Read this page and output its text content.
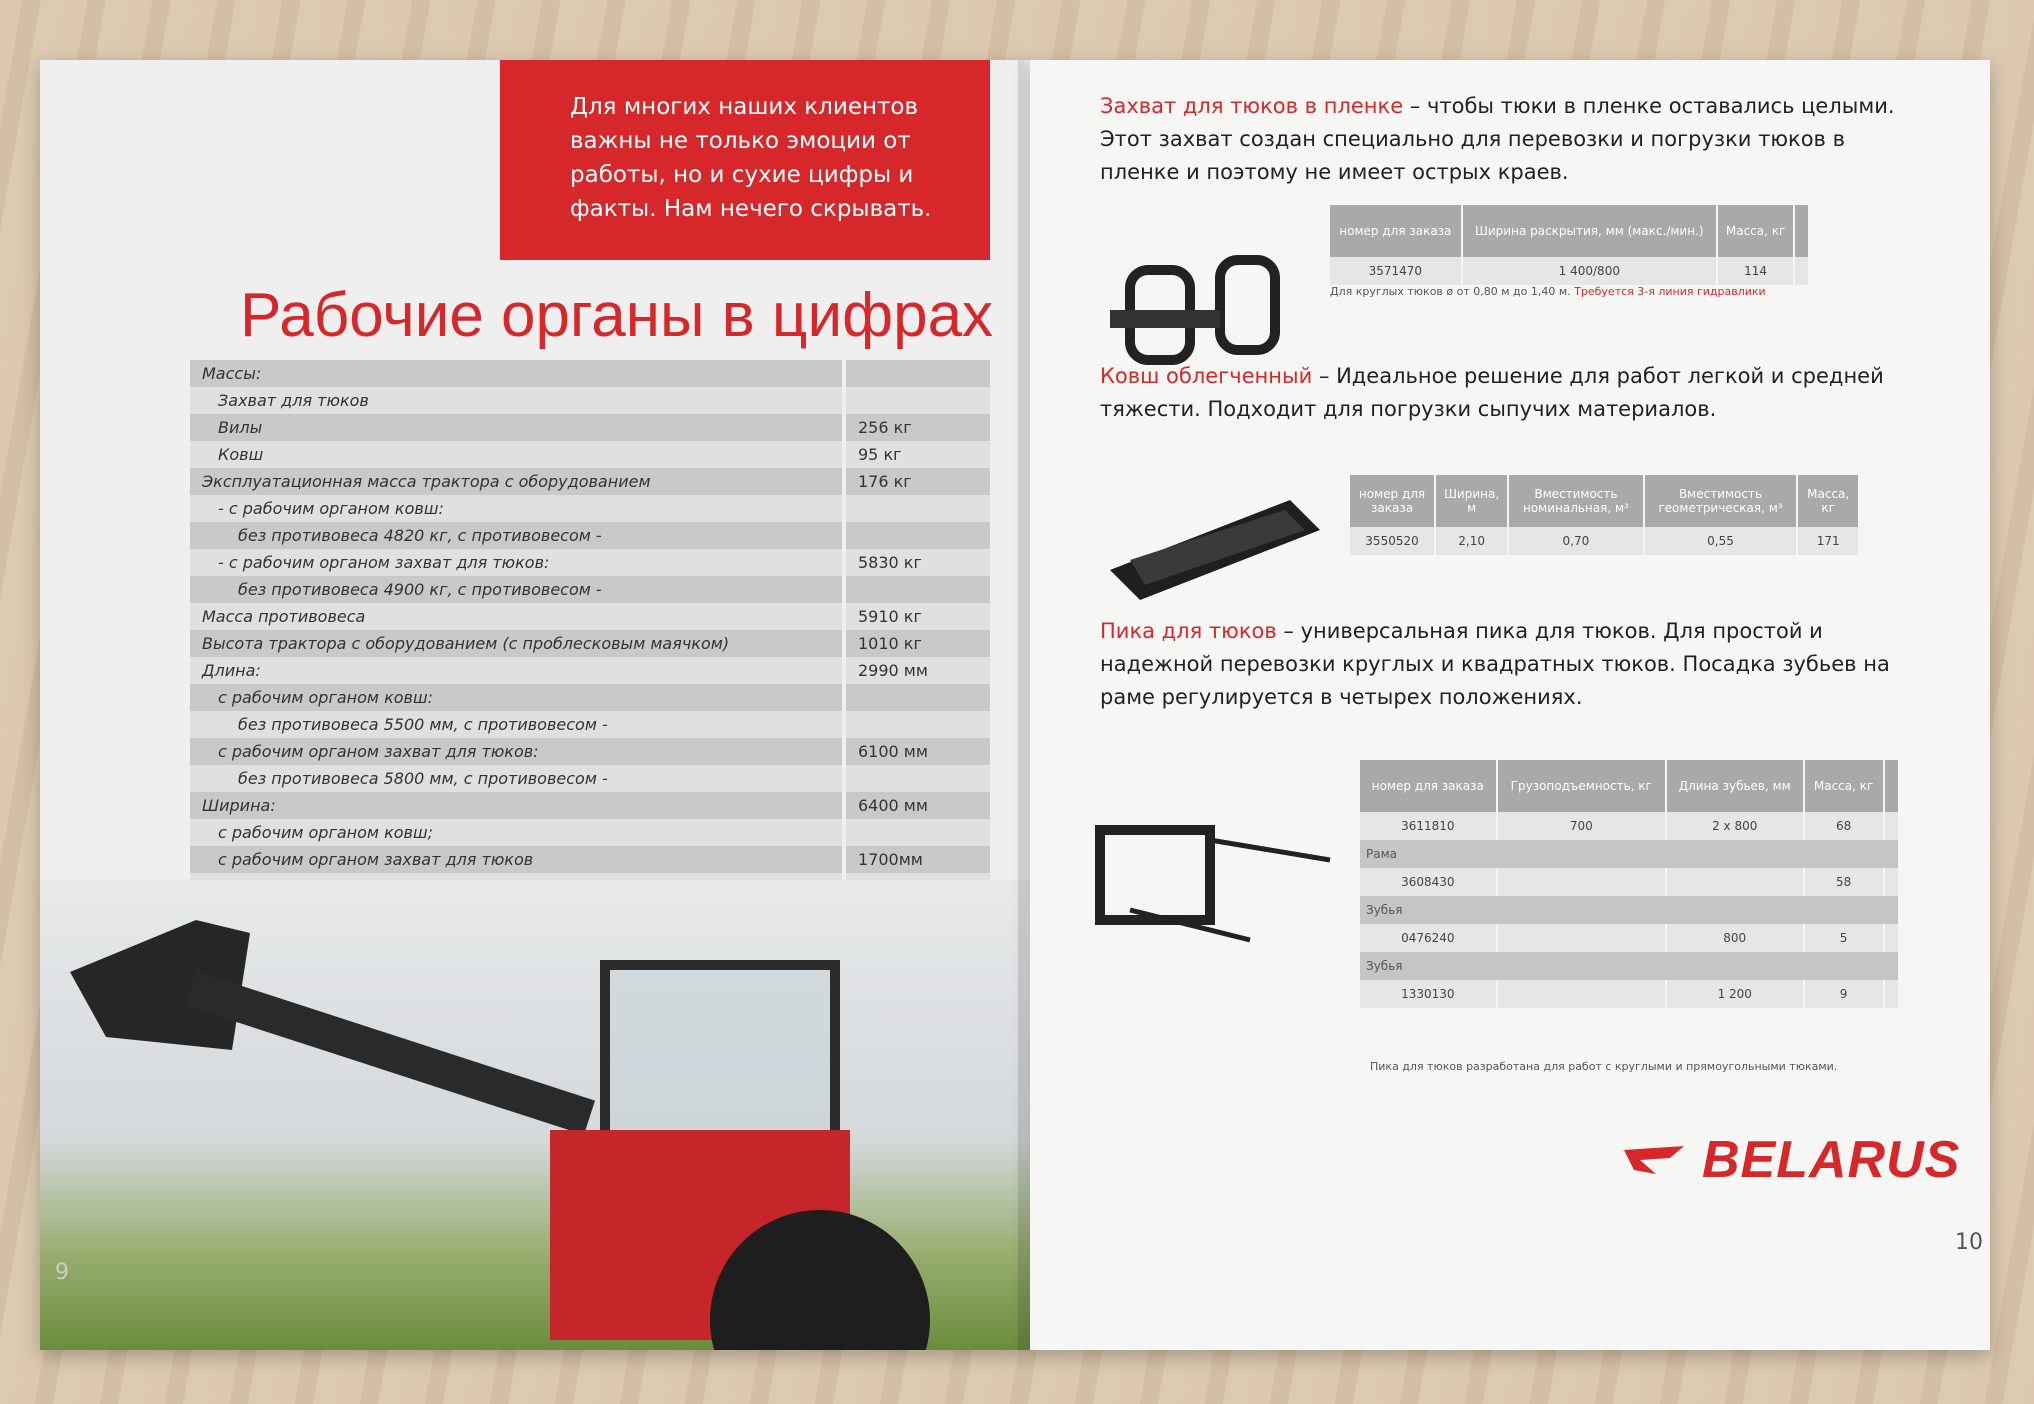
Для многих наших клиентов важны не только эмоции от работы, но и сухие цифры и факты. Нам нечего скрывать.
Рабочие органы в цифрах
Массы:	
Захват для тюков	
Вилы	256 кг
Ковш	95 кг
Эксплуатационная масса трактора с оборудованием	176 кг
- с рабочим органом ковш:	
без противовеса 4820 кг, с противовесом -	
- с рабочим органом захват для тюков:	5830 кг
без противовеса 4900 кг, с противовесом -	
Масса противовеса	5910 кг
Высота трактора с оборудованием (с проблесковым маячком)	1010 кг
Длина:	2990 мм
с рабочим органом ковш:	
без противовеса 5500 мм, с противовесом -	
с рабочим органом захват для тюков:	6100 мм
без противовеса 5800 мм, с противовесом -	
Ширина:	6400 мм
с рабочим органом ковш;	
с рабочим органом захват для тюков	1700мм

9
Захват для тюков в пленке – чтобы тюки в пленке оставались целыми. Этот захват создан специально для перевозки и погрузки тюков в пленке и поэтому не имеет острых краев.
номер для заказа	Ширина раскрытия, мм (макс./мин.)	Масса, кг	
3571470	1 400/800	114	
Для круглых тюков ø от 0,80 м до 1,40 м. Требуется 3-я линия гидравлики
Ковш облегченный – Идеальное решение для работ легкой и средней тяжести. Подходит для погрузки сыпучих материалов.
номер для заказа	Ширина, м	Вместимость номинальная, м³	Вместимость геометрическая, м³	Масса, кг
3550520	2,10	0,70	0,55	171
Пика для тюков – универсальная пика для тюков. Для простой и надежной перевозки круглых и квадратных тюков. Посадка зубьев на раме регулируется в четырех положениях.
номер для заказа	Грузоподъемность, кг	Длина зубьев, мм	Масса, кг	
3611810	700	2 x 800	68	
Рама				
3608430			58	
Зубья				
0476240		800	5	
Зубья				
1330130		1 200	9	
Пика для тюков разработана для работ с круглыми и прямоугольными тюками.
BELARUS
10
